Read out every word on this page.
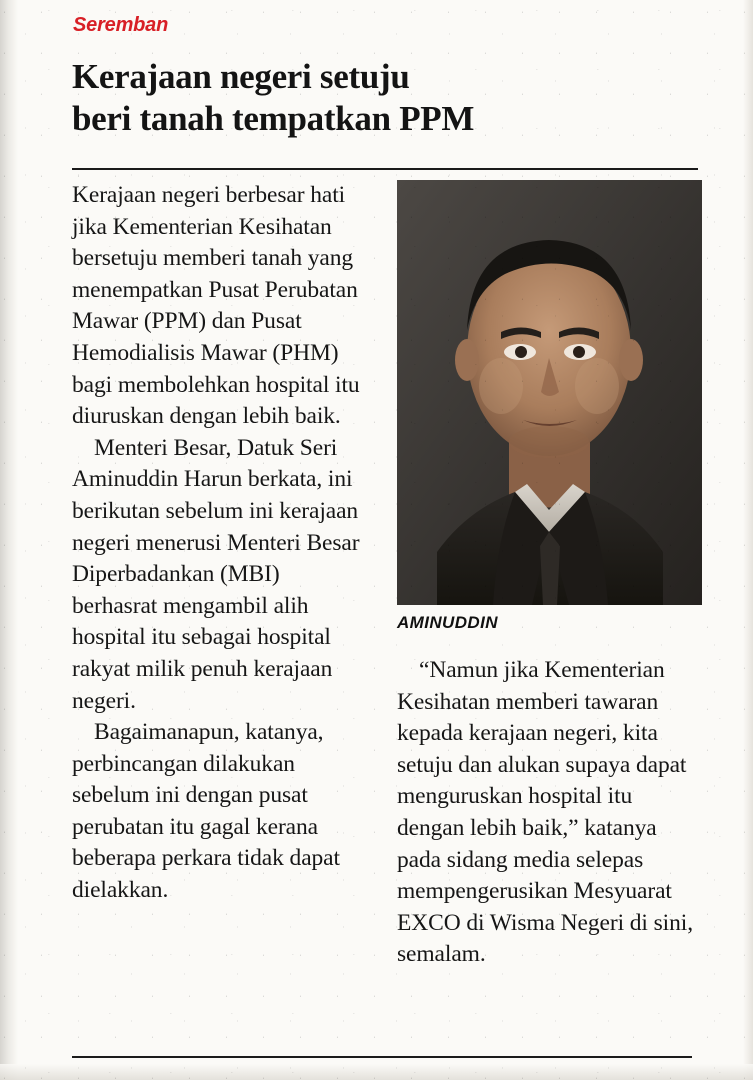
Seremban
Kerajaan negeri setuju
beri tanah tempatkan PPM

Kerajaan negeri berbesar hati jika Kementerian Kesihatan bersetuju memberi tanah yang menempatkan Pusat Perubatan Mawar (PPM) dan Pusat Hemodialisis Mawar (PHM) bagi membolehkan hospital itu diuruskan dengan lebih baik.

Menteri Besar, Datuk Seri Aminuddin Harun berkata, ini berikutan sebelum ini kerajaan negeri menerusi Menteri Besar Diperbadankan (MBI) berhasrat mengambil alih hospital itu sebagai hospital rakyat milik penuh kerajaan negeri.

Bagaimanapun, katanya, perbincangan dilakukan sebelum ini dengan pusat perubatan itu gagal kerana beberapa perkara tidak dapat dielakkan.

AMINUDDIN

“Namun jika Kementerian Kesihatan memberi tawaran kepada kerajaan negeri, kita setuju dan alukan supaya dapat menguruskan hospital itu dengan lebih baik,” katanya pada sidang media selepas mempengerusikan Mesyuarat EXCO di Wisma Negeri di sini, semalam.
